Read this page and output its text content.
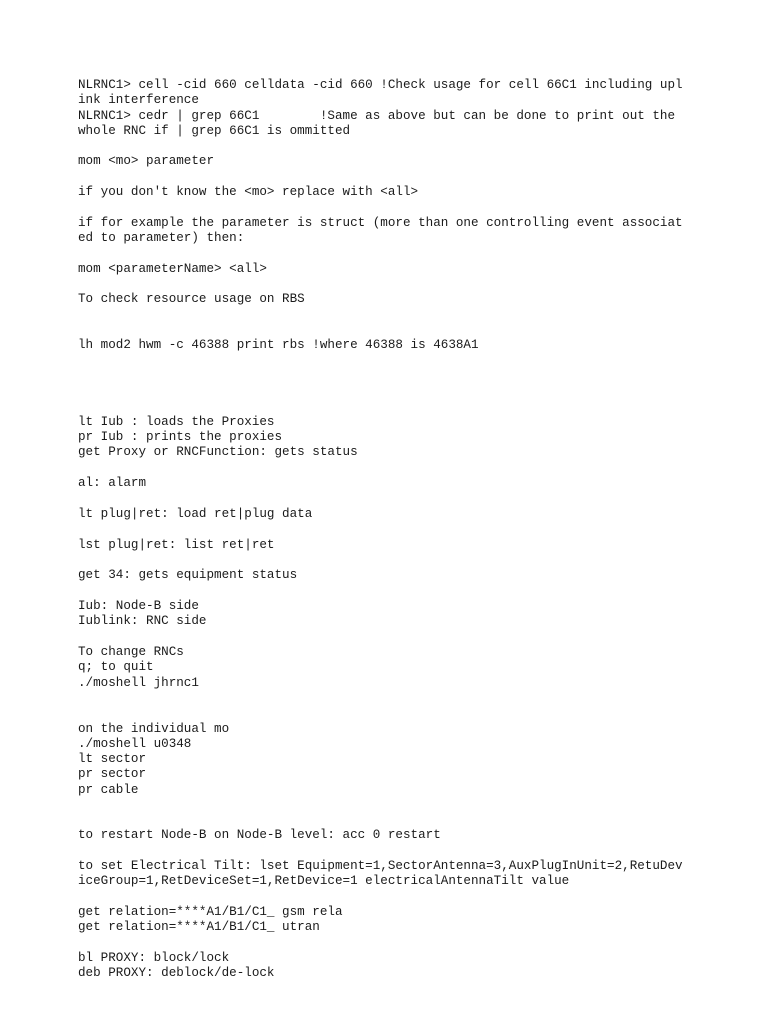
NLRNC1> cell -cid 660 celldata -cid 660 !Check usage for cell 66C1 including upl

ink interference

NLRNC1> cedr | grep 66C1        !Same as above but can be done to print out the

whole RNC if | grep 66C1 is ommitted

mom <mo> parameter

if you don't know the <mo> replace with <all>

if for example the parameter is struct (more than one controlling event associat

ed to parameter) then:

mom <parameterName> <all>

To check resource usage on RBS

lh mod2 hwm -c 46388 print rbs !where 46388 is 4638A1

lt Iub : loads the Proxies

pr Iub : prints the proxies

get Proxy or RNCFunction: gets status

al: alarm

lt plug|ret: load ret|plug data

lst plug|ret: list ret|ret

get 34: gets equipment status

Iub: Node-B side

Iublink: RNC side

To change RNCs

q; to quit

./moshell jhrnc1

on the individual mo

./moshell u0348

lt sector

pr sector

pr cable

to restart Node-B on Node-B level: acc 0 restart

to set Electrical Tilt: lset Equipment=1,SectorAntenna=3,AuxPlugInUnit=2,RetuDev

iceGroup=1,RetDeviceSet=1,RetDevice=1 electricalAntennaTilt value

get relation=****A1/B1/C1_ gsm rela

get relation=****A1/B1/C1_ utran

bl PROXY: block/lock

deb PROXY: deblock/de-lock
